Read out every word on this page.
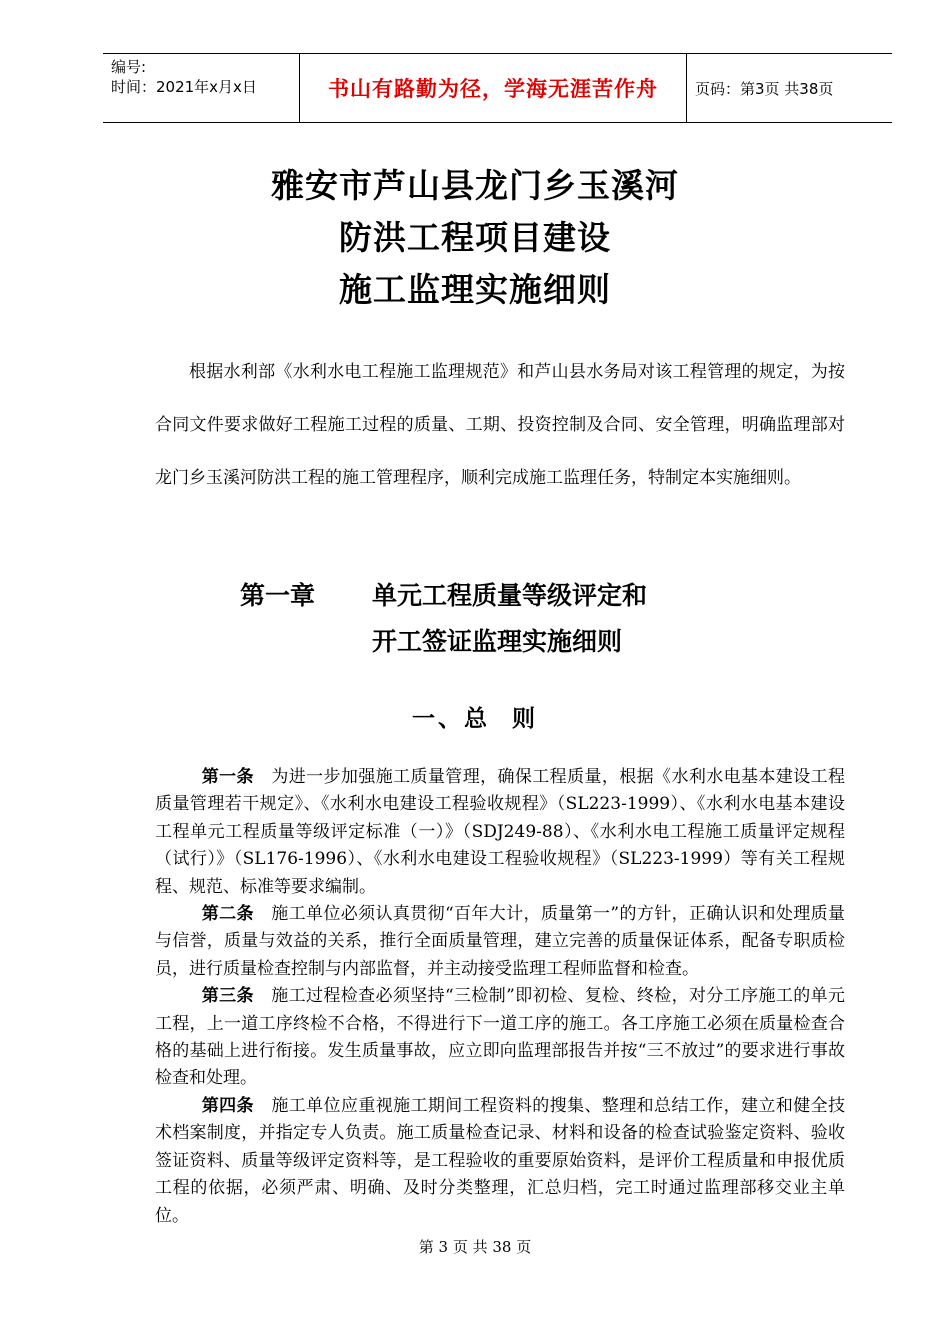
编号:
时间：2021年x月x日	书山有路勤为径，学海无涯苦作舟	页码：第3页 共38页
雅安市芦山县龙门乡玉溪河
防洪工程项目建设
施工监理实施细则

根据水利部《水利水电工程施工监理规范》和芦山县水务局对该工程管理的规定，为按合同文件要求做好工程施工过程的质量、工期、投资控制及合同、安全管理，明确监理部对龙门乡玉溪河防洪工程的施工管理程序，顺利完成施工监理任务，特制定本实施细则。

第一章 单元工程质量等级评定和
开工签证监理实施细则
一、总  则

第一条　 为进一步加强施工质量管理，确保工程质量，根据《水利水电基本建设工程质量管理若干规定》、《水利水电建设工程验收规程》（SL223-1999）、《水利水电基本建设工程单元工程质量等级评定标准（一）》（SDJ249-88）、《水利水电工程施工质量评定规程（试行）》（SL176-1996）、《水利水电建设工程验收规程》（SL223-1999）等有关工程规程、规范、标准等要求编制。

第二条　 施工单位必须认真贯彻“百年大计，质量第一”的方针，正确认识和处理质量与信誉，质量与效益的关系，推行全面质量管理，建立完善的质量保证体系，配备专职质检员，进行质量检查控制与内部监督，并主动接受监理工程师监督和检查。

第三条　 施工过程检查必须坚持“三检制”即初检、复检、终检，对分工序施工的单元工程，上一道工序终检不合格，不得进行下一道工序的施工。各工序施工必须在质量检查合格的基础上进行衔接。发生质量事故，应立即向监理部报告并按“三不放过”的要求进行事故检查和处理。

第四条　 施工单位应重视施工期间工程资料的搜集、整理和总结工作，建立和健全技术档案制度，并指定专人负责。施工质量检查记录、材料和设备的检查试验鉴定资料、验收签证资料、质量等级评定资料等，是工程验收的重要原始资料，是评价工程质量和申报优质工程的依据，必须严肃、明确、及时分类整理，汇总归档，完工时通过监理部移交业主单位。

第 3 页 共 38 页
